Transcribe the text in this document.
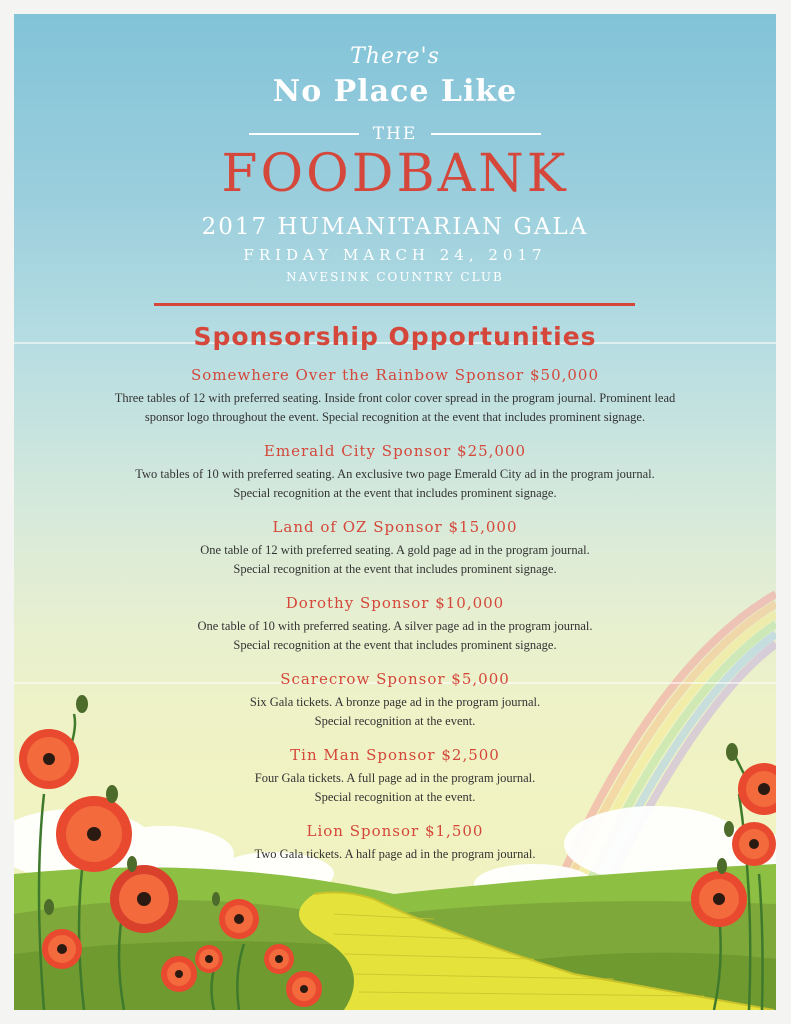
There's
No Place Like
THE
FOODBANK
2017 HUMANITARIAN GALA
FRIDAY MARCH 24, 2017
NAVESINK COUNTRY CLUB
Sponsorship Opportunities
Somewhere Over the Rainbow Sponsor $50,000
Three tables of 12 with preferred seating. Inside front color cover spread in the program journal. Prominent lead
sponsor logo throughout the event. Special recognition at the event that includes prominent signage.
Emerald City Sponsor $25,000
Two tables of 10 with preferred seating. An exclusive two page Emerald City ad in the program journal.
Special recognition at the event that includes prominent signage.
Land of OZ Sponsor $15,000
One table of 12 with preferred seating. A gold page ad in the program journal.
Special recognition at the event that includes prominent signage.
Dorothy Sponsor $10,000
One table of 10 with preferred seating. A silver page ad in the program journal.
Special recognition at the event that includes prominent signage.
Scarecrow Sponsor $5,000
Six Gala tickets. A bronze page ad in the program journal.
Special recognition at the event.
Tin Man Sponsor $2,500
Four Gala tickets. A full page ad in the program journal.
Special recognition at the event.
Lion Sponsor $1,500
Two Gala tickets. A half page ad in the program journal.
